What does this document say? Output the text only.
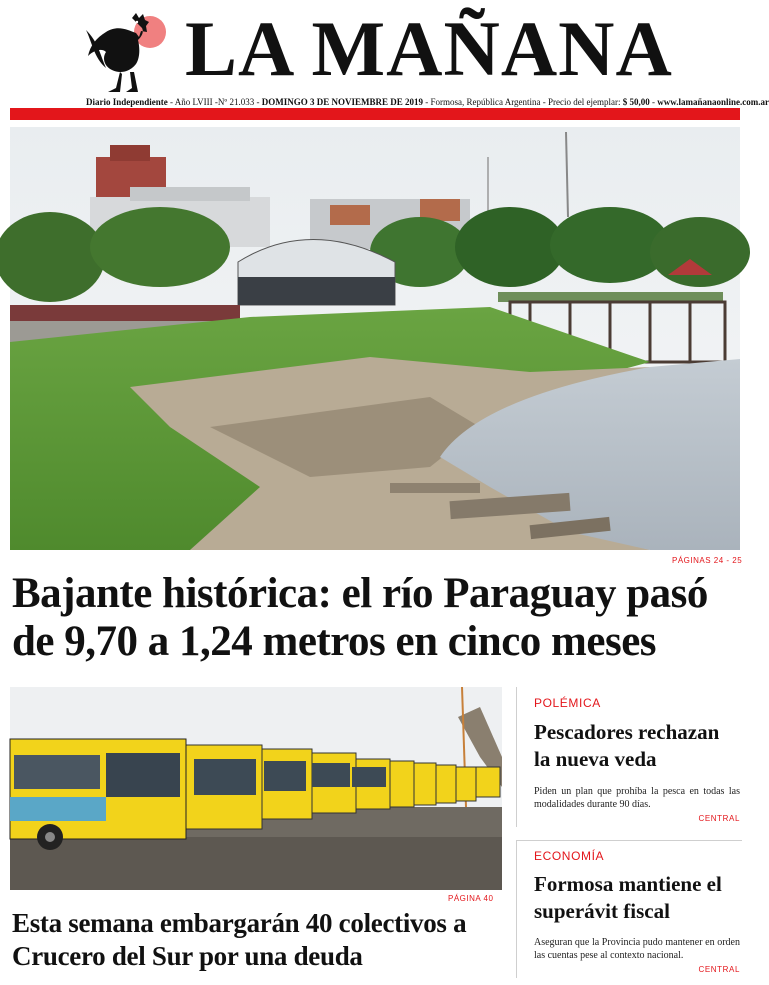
LA MAÑANA
Diario Independiente - Año LVIII -Nº 21.033 - DOMINGO 3 DE NOVIEMBRE DE 2019 - Formosa, República Argentina - Precio del ejemplar: $ 50,00 - www.lamañanaonline.com.ar
PÁGINAS 24 - 25
Bajante histórica: el río Paraguay pasó de 9,70 a 1,24 metros en cinco meses
PÁGINA 40
Esta semana embargarán 40 colectivos a Crucero del Sur por una deuda
POLÉMICA
Pescadores rechazan la nueva veda
Piden un plan que prohíba la pesca en todas las modalidades durante 90 días.
CENTRAL
ECONOMÍA
Formosa mantiene el superávit fiscal
Aseguran que la Provincia pudo mantener en orden las cuentas pese al contexto nacional.
CENTRAL
